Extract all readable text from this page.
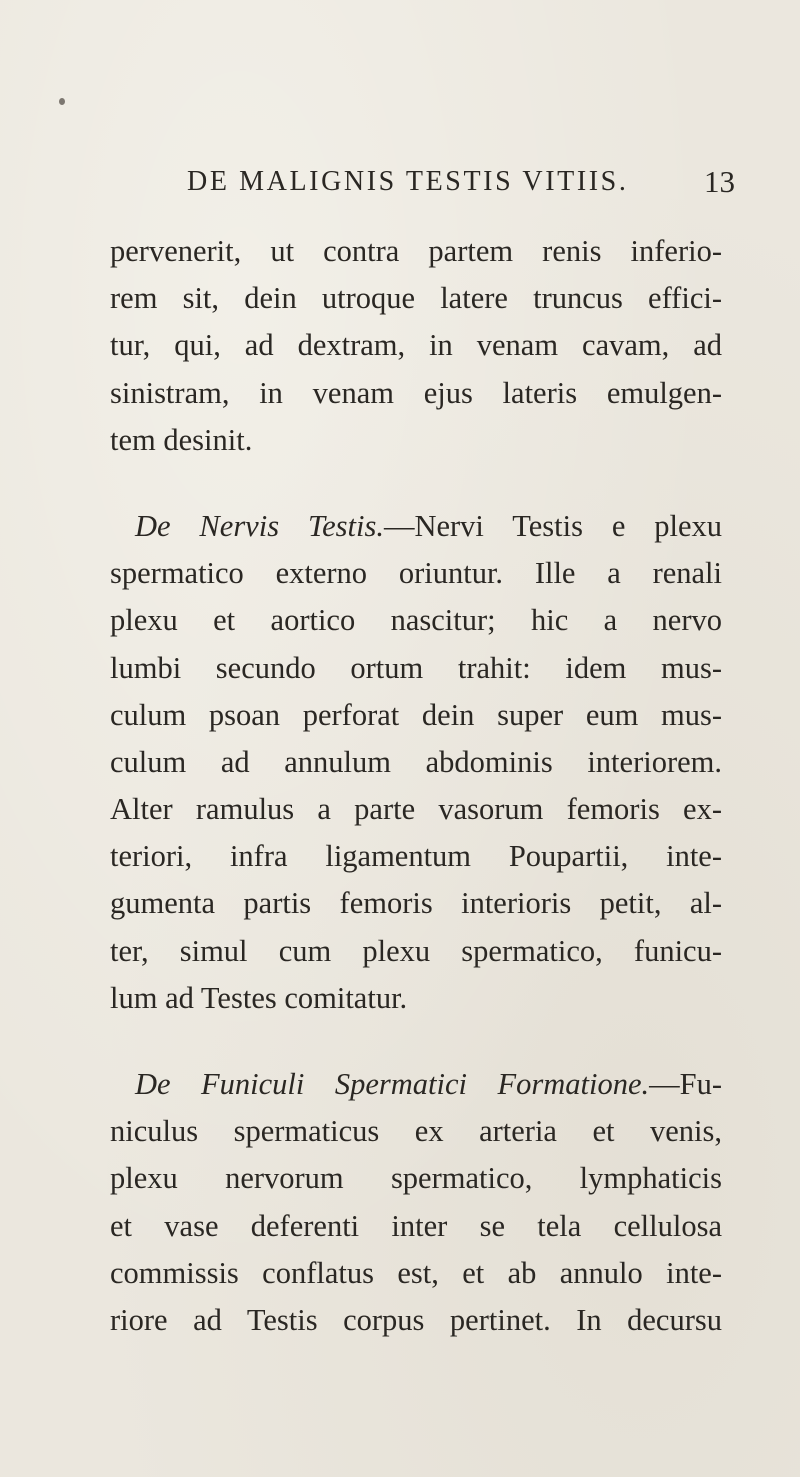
DE MALIGNIS TESTIS VITIIS. 13
pervenerit, ut contra partem renis inferio-
rem sit, dein utroque latere truncus effici-
tur, qui, ad dextram, in venam cavam, ad
sinistram, in venam ejus lateris emulgen-
tem desinit.
De Nervis Testis.—Nervi Testis e plexu
spermatico externo oriuntur. Ille a renali
plexu et aortico nascitur; hic a nervo
lumbi secundo ortum trahit: idem mus-
culum psoan perforat dein super eum mus-
culum ad annulum abdominis interiorem.
Alter ramulus a parte vasorum femoris ex-
teriori, infra ligamentum Poupartii, inte-
gumenta partis femoris interioris petit, al-
ter, simul cum plexu spermatico, funicu-
lum ad Testes comitatur.
De Funiculi Spermatici Formatione.—Fu-
niculus spermaticus ex arteria et venis,
plexu nervorum spermatico, lymphaticis
et vase deferenti inter se tela cellulosa
commissis conflatus est, et ab annulo inte-
riore ad Testis corpus pertinet. In decursu
